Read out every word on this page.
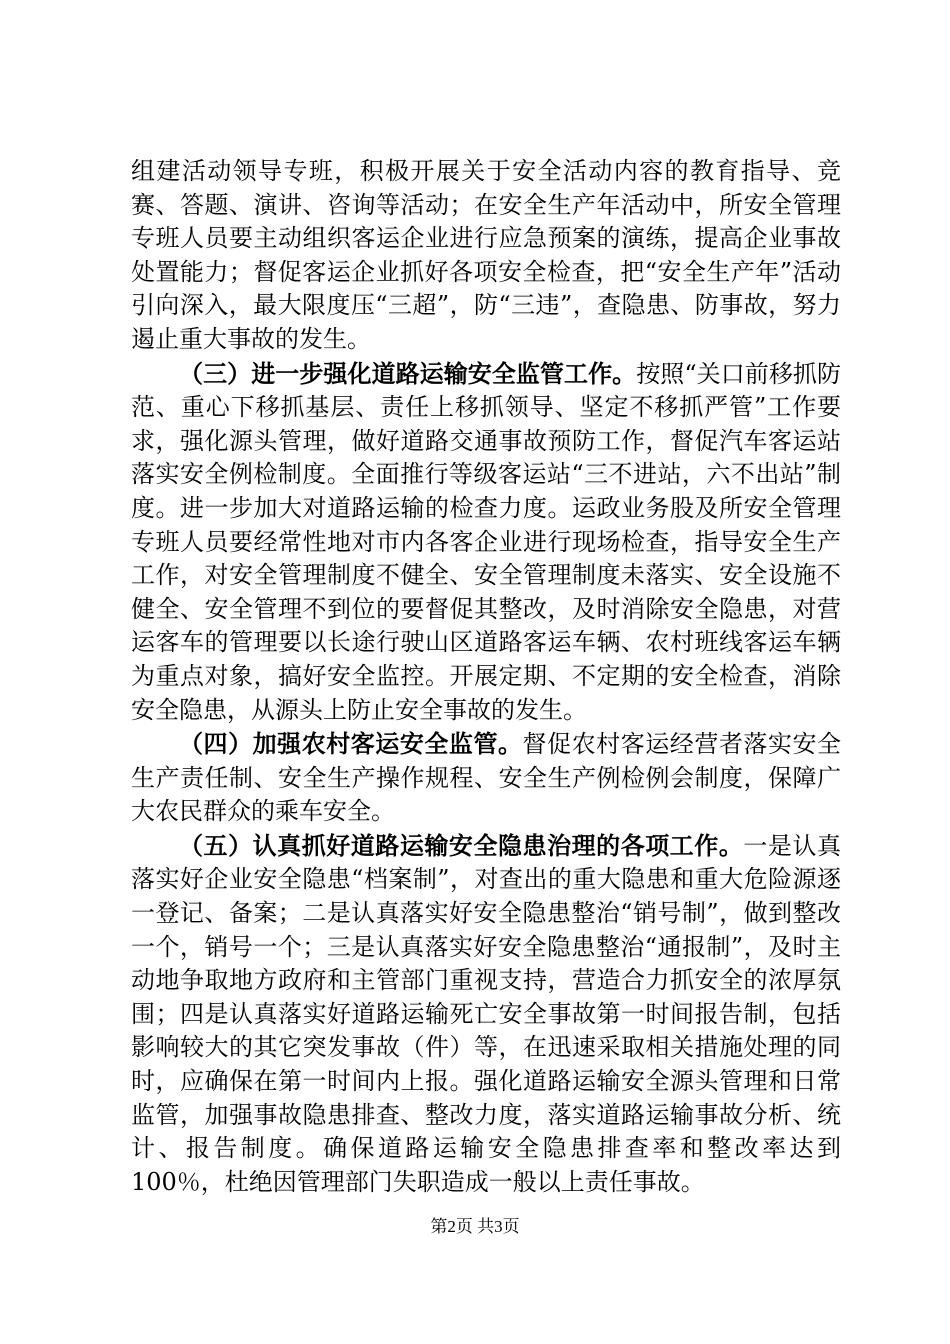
组建活动领导专班，积极开展关于安全活动内容的教育指导、竞赛、答题、演讲、咨询等活动；在安全生产年活动中，所安全管理专班人员要主动组织客运企业进行应急预案的演练，提高企业事故处置能力；督促客运企业抓好各项安全检查，把“安全生产年”活动引向深入，最大限度压“三超”，防“三违”，查隐患、防事故，努力遏止重大事故的发生。

（三）进一步强化道路运输安全监管工作。按照“关口前移抓防范、重心下移抓基层、责任上移抓领导、坚定不移抓严管”工作要求，强化源头管理，做好道路交通事故预防工作，督促汽车客运站落实安全例检制度。全面推行等级客运站“三不进站，六不出站”制度。进一步加大对道路运输的检查力度。运政业务股及所安全管理专班人员要经常性地对市内各客企业进行现场检查，指导安全生产工作，对安全管理制度不健全、安全管理制度未落实、安全设施不健全、安全管理不到位的要督促其整改，及时消除安全隐患，对营运客车的管理要以长途行驶山区道路客运车辆、农村班线客运车辆为重点对象，搞好安全监控。开展定期、不定期的安全检查，消除安全隐患，从源头上防止安全事故的发生。

（四）加强农村客运安全监管。督促农村客运经营者落实安全生产责任制、安全生产操作规程、安全生产例检例会制度，保障广大农民群众的乘车安全。

（五）认真抓好道路运输安全隐患治理的各项工作。一是认真落实好企业安全隐患“档案制”，对查出的重大隐患和重大危险源逐一登记、备案；二是认真落实好安全隐患整治“销号制”，做到整改一个，销号一个；三是认真落实好安全隐患整治“通报制”，及时主动地争取地方政府和主管部门重视支持，营造合力抓安全的浓厚氛围；四是认真落实好道路运输死亡安全事故第一时间报告制，包括影响较大的其它突发事故（件）等，在迅速采取相关措施处理的同时，应确保在第一时间内上报。强化道路运输安全源头管理和日常监管，加强事故隐患排查、整改力度，落实道路运输事故分析、统计、报告制度。确保道路运输安全隐患排查率和整改率达到100％，杜绝因管理部门失职造成一般以上责任事故。

第2页 共3页
